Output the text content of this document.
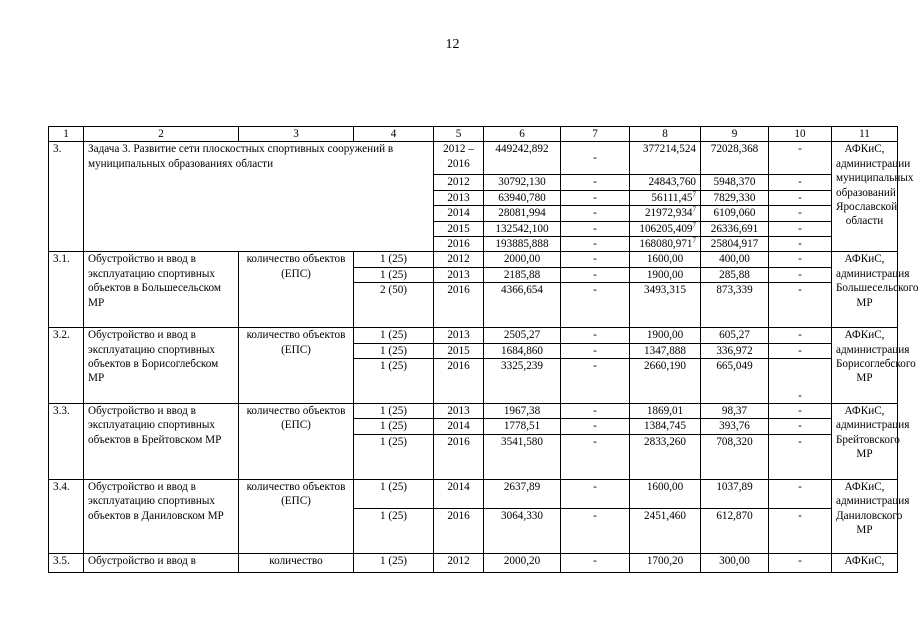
12
1	2	3	4	5	6	7	8	9	10	11
3.	Задача 3. Развитие сети плоскостных спортивных сооружений в муниципальных образованиях области			2012 – 2016	449242,892	-	377214,524	72028,368	-	АФКиС, администрации муниципальных образований Ярославской области
				2012	30792,130	-	24843,760	5948,370	-	
				2013	63940,780	-	56111,45$^7$	7829,330	-	
				2014	28081,994	-	21972,934$^7$	6109,060	-	
				2015	132542,100	-	106205,409$^7$	26336,691	-	
				2016	193885,888	-	168080,971$^7$	25804,917	-	
3.1.	Обустройство и ввод в эксплуатацию спортивных объектов в Большесельском МР	количество объектов (ЕПС)	1 (25)	2012	2000,00	-	1600,00	400,00	-	АФКиС, администрация Большесельского МР
			1 (25)	2013	2185,88	-	1900,00	285,88	-	
			2 (50)	2016	4366,654	-	3493,315	873,339	-	
3.2.	Обустройство и ввод в эксплуатацию спортивных объектов в Борисоглебском МР	количество объектов (ЕПС)	1 (25)	2013	2505,27	-	1900,00	605,27	-	АФКиС, администрация Борисоглебского МР
			1 (25)	2015	1684,860	-	1347,888	336,972	-	
			1 (25)	2016	3325,239	-	2660,190	665,049	-	
3.3.	Обустройство и ввод в эксплуатацию спортивных объектов в Брейтовском МР	количество объектов (ЕПС)	1 (25)	2013	1967,38	-	1869,01	98,37	-	АФКиС, администрация Брейтовского МР
			1 (25)	2014	1778,51	-	1384,745	393,76	-	
			1 (25)	2016	3541,580	-	2833,260	708,320	-	
3.4.	Обустройство и ввод в эксплуатацию спортивных объектов в Даниловском МР	количество объектов (ЕПС)	1 (25)	2014	2637,89	-	1600,00	1037,89	-	АФКиС, администрация Даниловского МР
			1 (25)	2016	3064,330	-	2451,460	612,870	-	
3.5.	Обустройство и ввод в	количество	1 (25)	2012	2000,20	-	1700,20	300,00	-	АФКиС,
